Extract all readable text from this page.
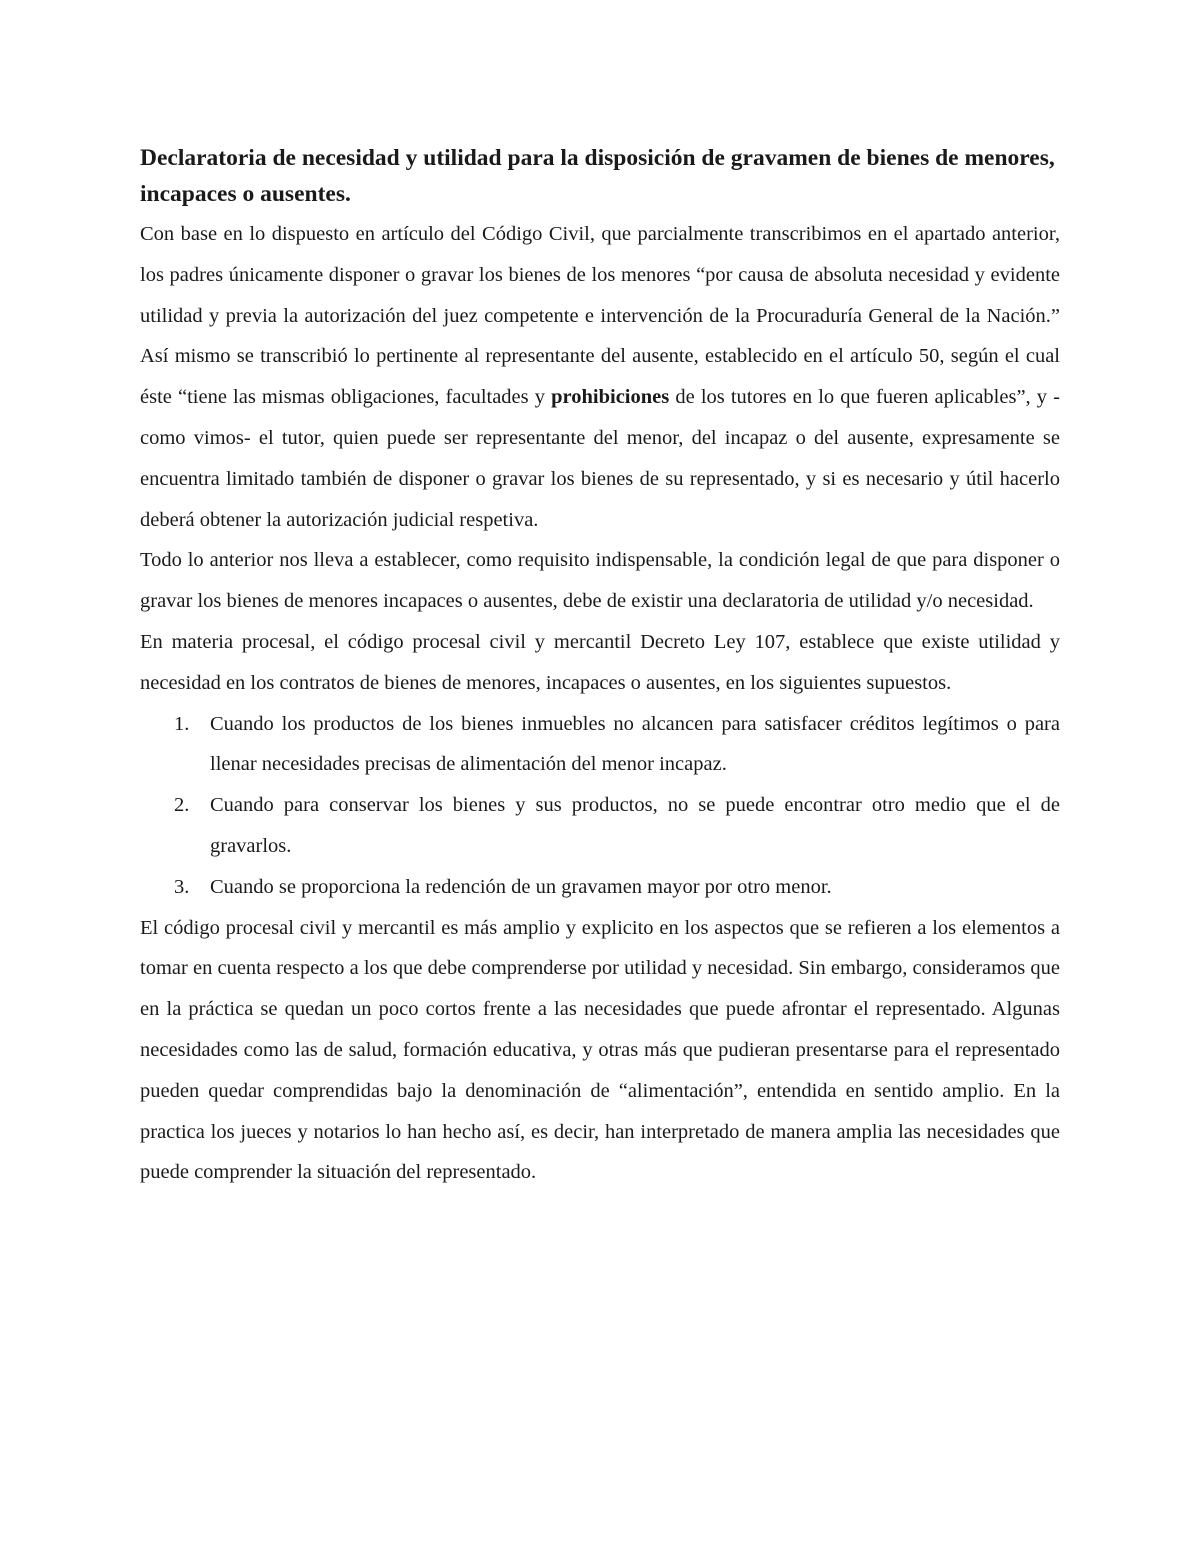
Declaratoria de necesidad y utilidad para la disposición de gravamen de bienes de menores, incapaces o ausentes.

Con base en lo dispuesto en artículo del Código Civil, que parcialmente transcribimos en el apartado anterior, los padres únicamente disponer o gravar los bienes de los menores “por causa de absoluta necesidad y evidente utilidad y previa la autorización del juez competente e intervención de la Procuraduría General de la Nación.” Así mismo se transcribió lo pertinente al representante del ausente, establecido en el artículo 50, según el cual éste “tiene las mismas obligaciones, facultades y prohibiciones de los tutores en lo que fueren aplicables”, y -como vimos- el tutor, quien puede ser representante del menor, del incapaz o del ausente, expresamente se encuentra limitado también de disponer o gravar los bienes de su representado, y si es necesario y útil hacerlo deberá obtener la autorización judicial respetiva.

Todo lo anterior nos lleva a establecer, como requisito indispensable, la condición legal de que para disponer o gravar los bienes de menores incapaces o ausentes, debe de existir una declaratoria de utilidad y/o necesidad.

En materia procesal, el código procesal civil y mercantil Decreto Ley 107, establece que existe utilidad y necesidad en los contratos de bienes de menores, incapaces o ausentes, en los siguientes supuestos.

1.	Cuando los productos de los bienes inmuebles no alcancen para satisfacer créditos legítimos o para llenar necesidades precisas de alimentación del menor incapaz.
2.	Cuando para conservar los bienes y sus productos, no se puede encontrar otro medio que el de gravarlos.
3.	Cuando se proporciona la redención de un gravamen mayor por otro menor.

El código procesal civil y mercantil es más amplio y explicito en los aspectos que se refieren a los elementos a tomar en cuenta respecto a los que debe comprenderse por utilidad y necesidad. Sin embargo, consideramos que en la práctica se quedan un poco cortos frente a las necesidades que puede afrontar el representado. Algunas necesidades como las de salud, formación educativa, y otras más que pudieran presentarse para el representado pueden quedar comprendidas bajo la denominación de “alimentación”, entendida en sentido amplio. En la practica los jueces y notarios lo han hecho así, es decir, han interpretado de manera amplia las necesidades que puede comprender la situación del representado.
